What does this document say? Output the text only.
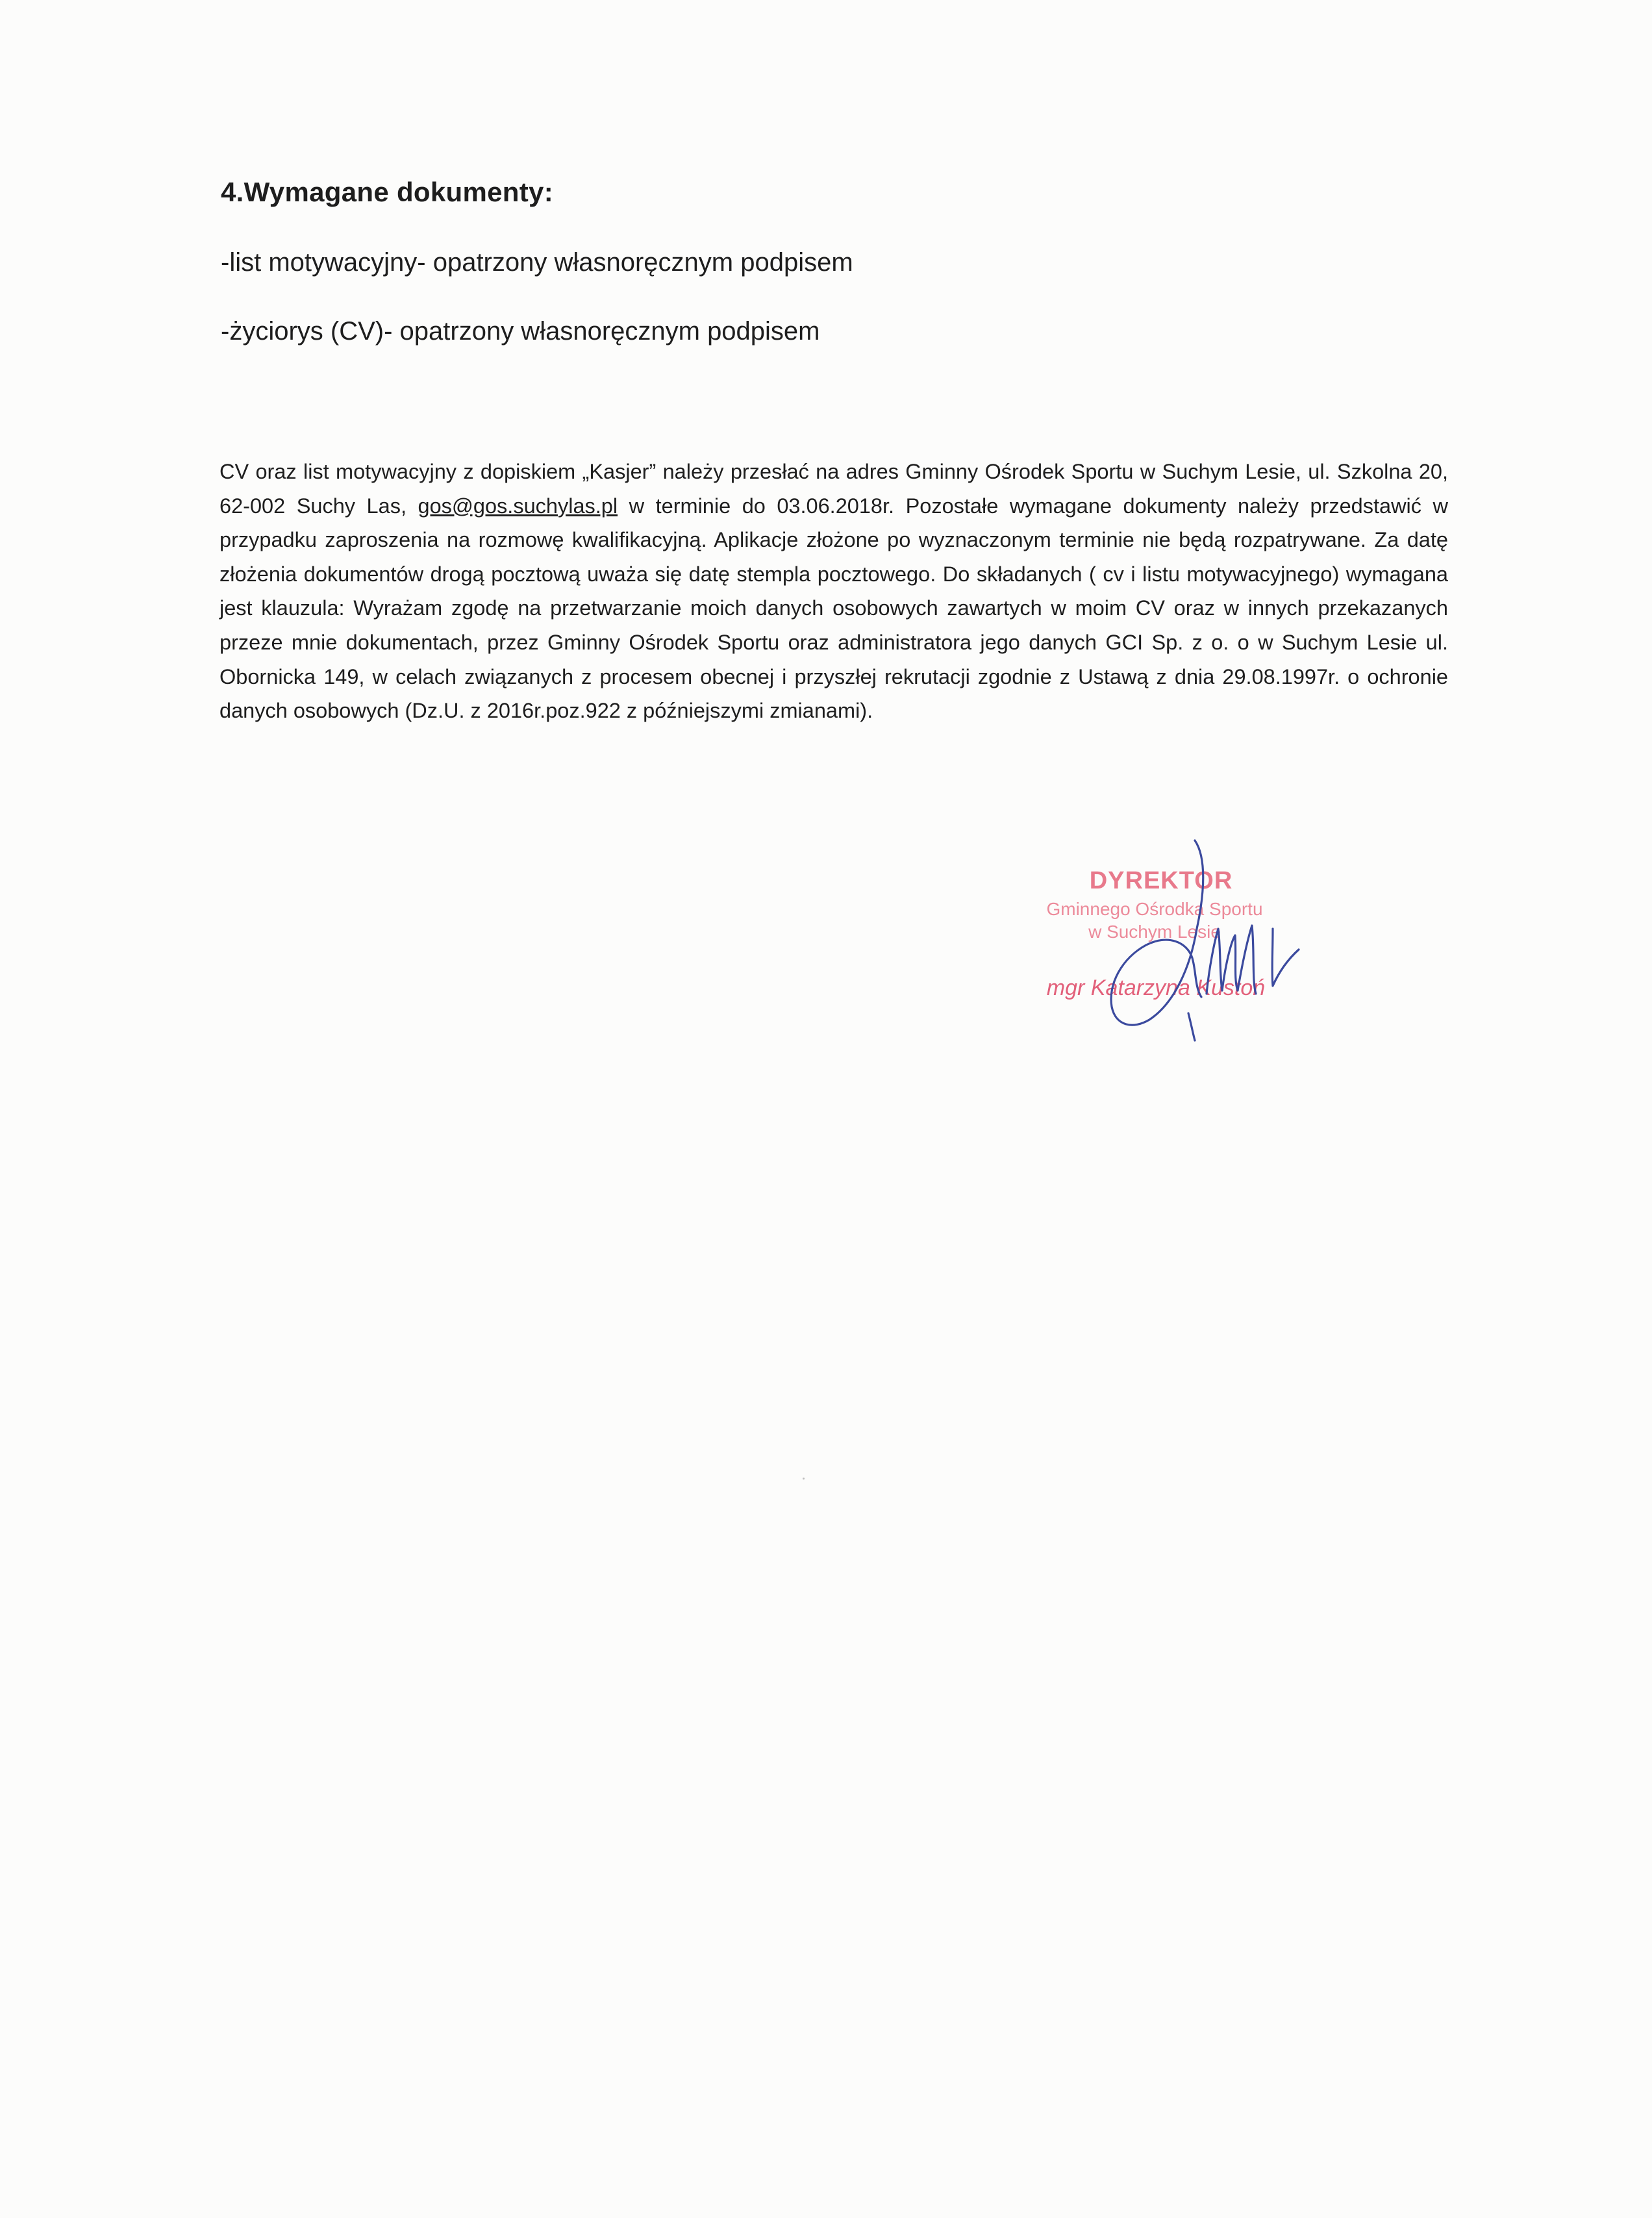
4.Wymagane dokumenty:

-list motywacyjny- opatrzony własnoręcznym podpisem

-życiorys (CV)- opatrzony własnoręcznym podpisem

CV oraz list motywacyjny z dopiskiem „Kasjer” należy przesłać na adres Gminny Ośrodek Sportu w Suchym Lesie, ul. Szkolna 20, 62-002 Suchy Las, gos@gos.suchylas.pl w terminie do 03.06.2018r. Pozostałe wymagane dokumenty należy przedstawić w przypadku zaproszenia na rozmowę kwalifikacyjną. Aplikacje złożone po wyznaczonym terminie nie będą rozpatrywane. Za datę złożenia dokumentów drogą pocztową uważa się datę stempla pocztowego. Do składanych ( cv i listu motywacyjnego) wymagana jest klauzula: Wyrażam zgodę na przetwarzanie moich danych osobowych zawartych w moim CV oraz w innych przekazanych przeze mnie dokumentach, przez Gminny Ośrodek Sportu oraz administratora jego danych GCI Sp. z o. o w Suchym Lesie ul. Obornicka 149, w celach związanych z procesem obecnej i przyszłej rekrutacji zgodnie z Ustawą z dnia 29.08.1997r. o ochronie danych osobowych (Dz.U. z 2016r.poz.922 z późniejszymi zmianami).

DYREKTOR
Gminnego Ośrodka Sportu
w Suchym Lesie
mgr Katarzyna Kustoń
